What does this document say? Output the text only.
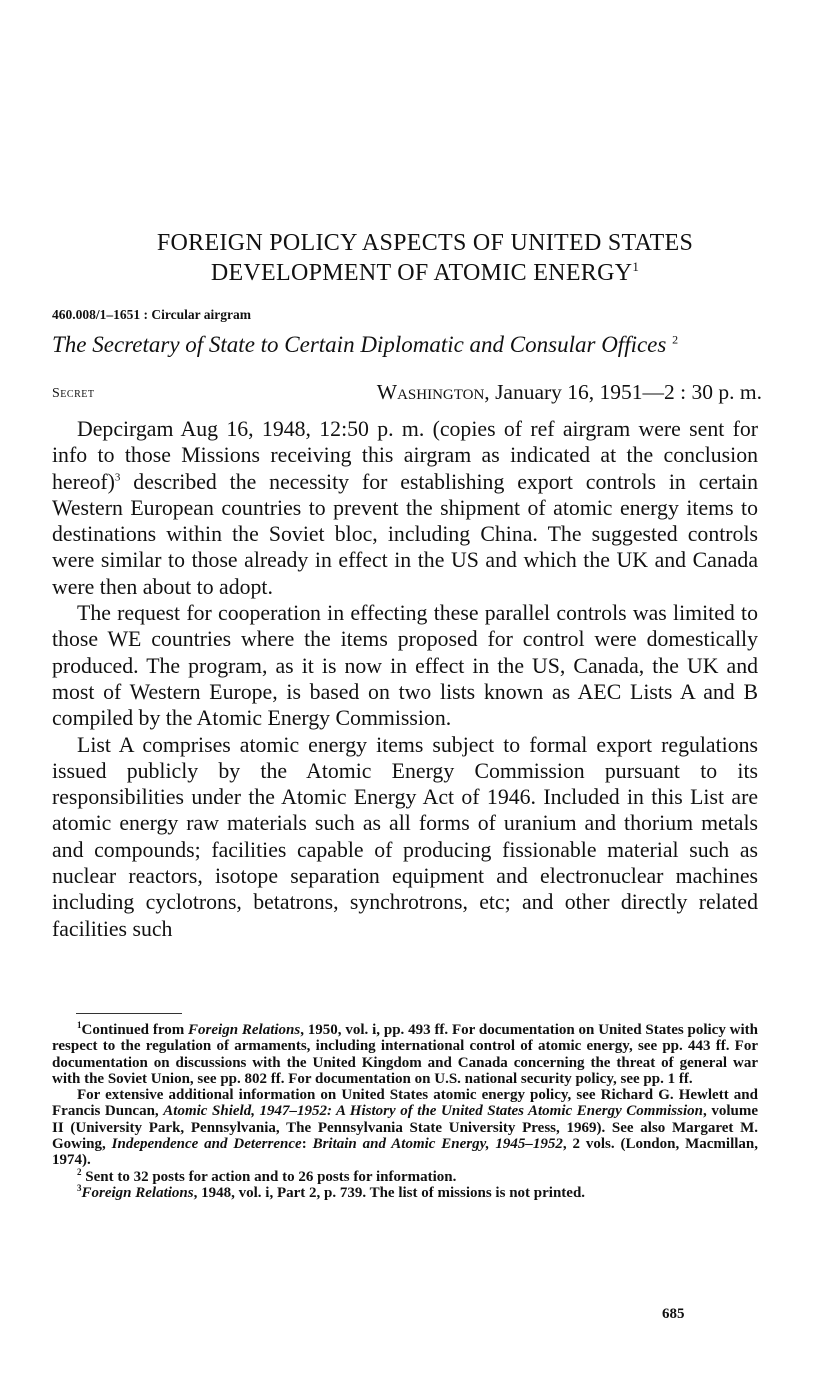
FOREIGN POLICY ASPECTS OF UNITED STATES
DEVELOPMENT OF ATOMIC ENERGY$^1$
460.008/1–1651 : Circular airgram
The Secretary of State to Certain Diplomatic and Consular Offices $^2$
Secret	Washington, January 16, 1951—2 : 30 p. m.

Depcirgam Aug 16, 1948, 12:50 p. m. (copies of ref airgram were sent for info to those Missions receiving this airgram as indicated at the conclusion hereof)$^3$ described the necessity for establishing export controls in certain Western European countries to prevent the shipment of atomic energy items to destinations within the Soviet bloc, including China. The suggested controls were similar to those already in effect in the US and which the UK and Canada were then about to adopt.

The request for cooperation in effecting these parallel controls was limited to those WE countries where the items proposed for control were domestically produced. The program, as it is now in effect in the US, Canada, the UK and most of Western Europe, is based on two lists known as AEC Lists A and B compiled by the Atomic Energy Commission.

List A comprises atomic energy items subject to formal export regulations issued publicly by the Atomic Energy Commission pursuant to its responsibilities under the Atomic Energy Act of 1946. Included in this List are atomic energy raw materials such as all forms of uranium and thorium metals and compounds; facilities capable of producing fissionable material such as nuclear reactors, isotope separation equipment and electronuclear machines including cyclotrons, betatrons, synchrotrons, etc; and other directly related facilities such

$^1$Continued from Foreign Relations, 1950, vol. i, pp. 493 ff. For documentation on United States policy with respect to the regulation of armaments, including international control of atomic energy, see pp. 443 ff. For documentation on discussions with the United Kingdom and Canada concerning the threat of general war with the Soviet Union, see pp. 802 ff. For documentation on U.S. national security policy, see pp. 1 ff.

For extensive additional information on United States atomic energy policy, see Richard G. Hewlett and Francis Duncan, Atomic Shield, 1947–1952: A History of the United States Atomic Energy Commission, volume II (University Park, Pennsylvania, The Pennsylvania State University Press, 1969). See also Margaret M. Gowing, Independence and Deterrence: Britain and Atomic Energy, 1945–1952, 2 vols. (London, Macmillan, 1974).

$^2$ Sent to 32 posts for action and to 26 posts for information.

$^3$Foreign Relations, 1948, vol. i, Part 2, p. 739. The list of missions is not printed.

685
